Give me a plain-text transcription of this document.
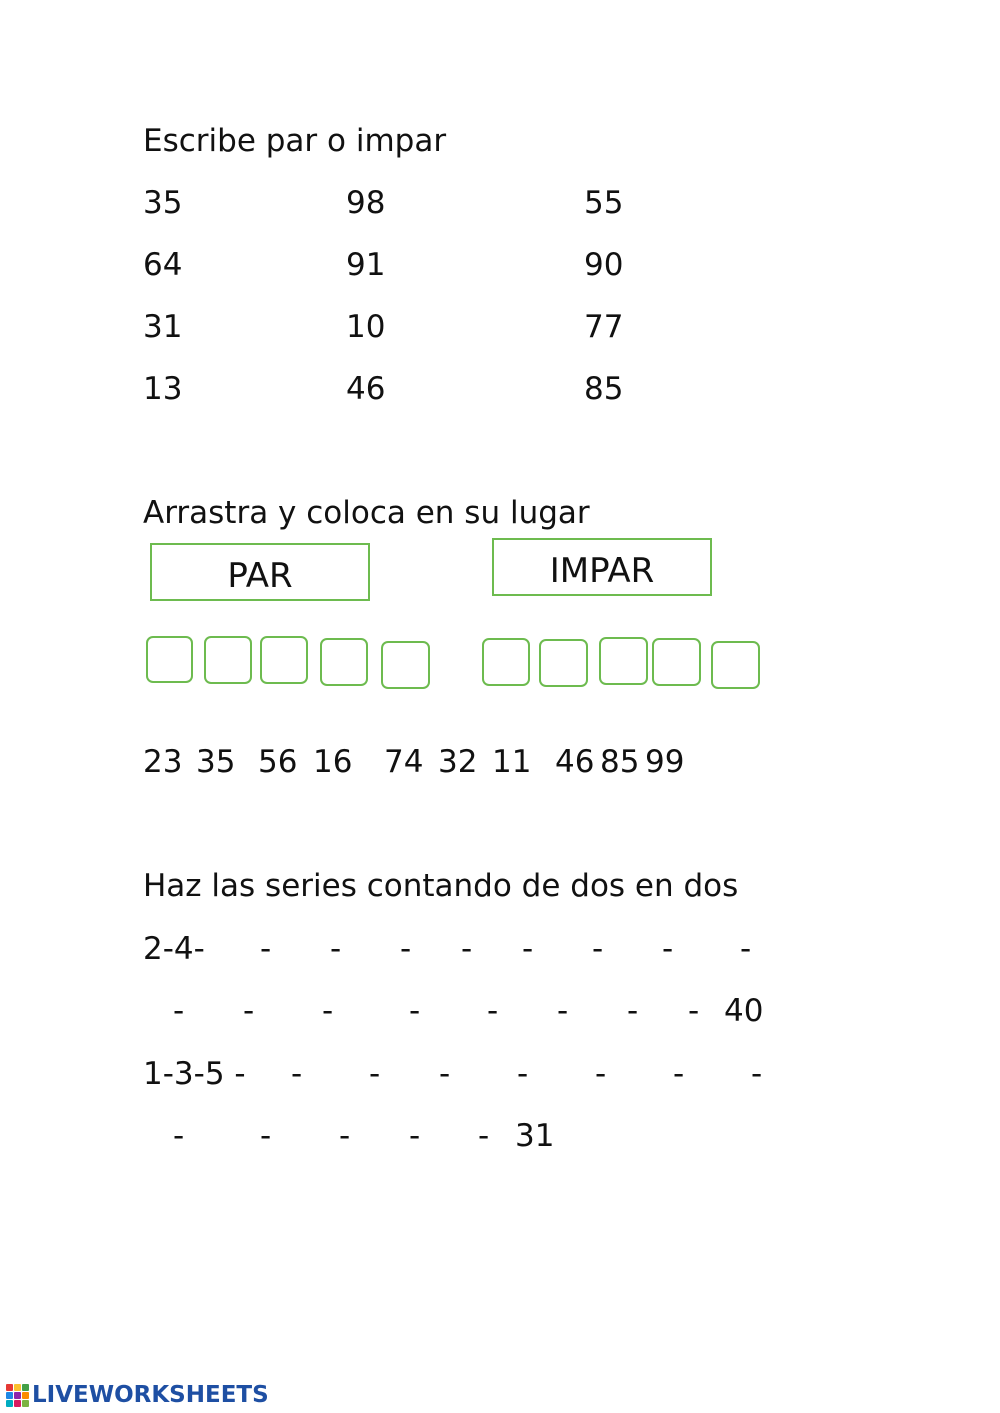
Escribe par o impar
35	98	55
64	91	90
31	10	77
13	46	85
Arrastra y coloca en su lugar
PAR	IMPAR
23 35 56 16 74 32 11 46 85 99
Haz las series contando de dos en dos
2-4- - - - - - - - -
- - - - - - - - 40
1-3-5 - - - - - - - -
- - - - - 31
LIVEWORKSHEETS
